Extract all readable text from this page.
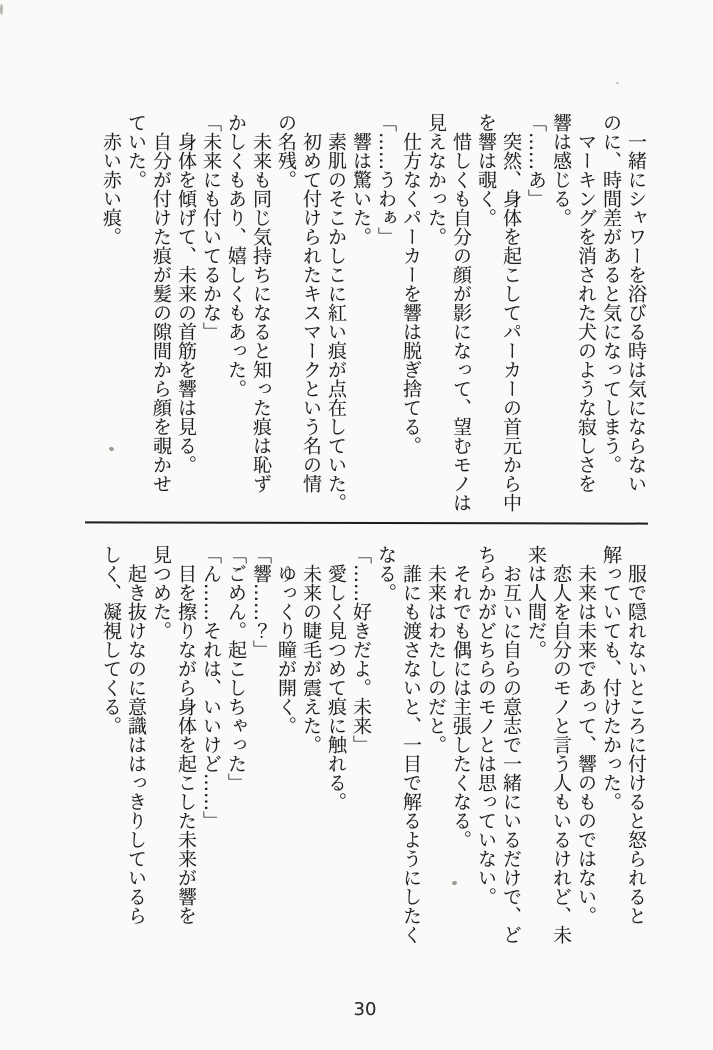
一緒にシャワーを浴びる時は気にならない
のに、時間差があると気になってしまう。
マーキングを消された犬のような寂しさを
響は感じる。
「……あ」
突然、身体を起こしてパーカーの首元から中
を響は覗く。
惜しくも自分の顔が影になって、望むモノは
見えなかった。
仕方なくパーカーを響は脱ぎ捨てる。
「……うわぁ」
響は驚いた。
素肌のそこかしこに紅い痕が点在していた。
初めて付けられたキスマークという名の情
の名残。
未来も同じ気持ちになると知った痕は恥ず
かしくもあり、嬉しくもあった。
「未来にも付いてるかな」
身体を傾げて、未来の首筋を響は見る。
自分が付けた痕が髪の隙間から顔を覗かせ
ていた。
赤い赤い痕。
服で隠れないところに付けると怒られると
解っていても、付けたかった。
未来は未来であって、響のものではない。
恋人を自分のモノと言う人もいるけれど、未
来は人間だ。
お互いに自らの意志で一緒にいるだけで、ど
ちらかがどちらのモノとは思っていない。
それでも偶には主張したくなる。
未来はわたしのだと。
誰にも渡さないと、一目で解るようにしたく
なる。
「……好きだよ。未来」
愛しく見つめて痕に触れる。
未来の睫毛が震えた。
ゆっくり瞳が開く。
「響……？」
「ごめん。起こしちゃった」
「ん……それは、いいけど……」
目を擦りながら身体を起こした未来が響を
見つめた。
起き抜けなのに意識ははっきりしているら
しく、凝視してくる。
30
